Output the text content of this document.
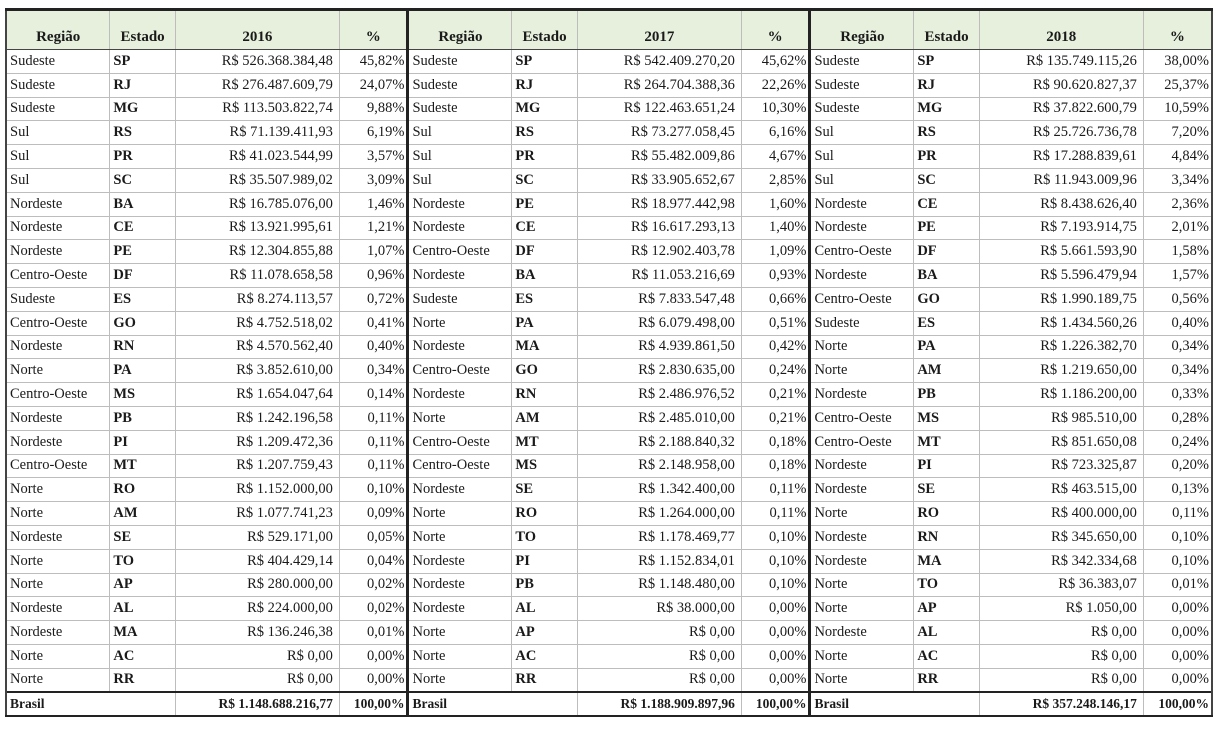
Região	Estado	2016	%	Região	Estado	2017	%	Região	Estado	2018	%
Sudeste	SP	R$ 526.368.384,48	45,82%	Sudeste	SP	R$ 542.409.270,20	45,62%	Sudeste	SP	R$ 135.749.115,26	38,00%
Sudeste	RJ	R$ 276.487.609,79	24,07%	Sudeste	RJ	R$ 264.704.388,36	22,26%	Sudeste	RJ	R$ 90.620.827,37	25,37%
Sudeste	MG	R$ 113.503.822,74	9,88%	Sudeste	MG	R$ 122.463.651,24	10,30%	Sudeste	MG	R$ 37.822.600,79	10,59%
Sul	RS	R$ 71.139.411,93	6,19%	Sul	RS	R$ 73.277.058,45	6,16%	Sul	RS	R$ 25.726.736,78	7,20%
Sul	PR	R$ 41.023.544,99	3,57%	Sul	PR	R$ 55.482.009,86	4,67%	Sul	PR	R$ 17.288.839,61	4,84%
Sul	SC	R$ 35.507.989,02	3,09%	Sul	SC	R$ 33.905.652,67	2,85%	Sul	SC	R$ 11.943.009,96	3,34%
Nordeste	BA	R$ 16.785.076,00	1,46%	Nordeste	PE	R$ 18.977.442,98	1,60%	Nordeste	CE	R$ 8.438.626,40	2,36%
Nordeste	CE	R$ 13.921.995,61	1,21%	Nordeste	CE	R$ 16.617.293,13	1,40%	Nordeste	PE	R$ 7.193.914,75	2,01%
Nordeste	PE	R$ 12.304.855,88	1,07%	Centro-Oeste	DF	R$ 12.902.403,78	1,09%	Centro-Oeste	DF	R$ 5.661.593,90	1,58%
Centro-Oeste	DF	R$ 11.078.658,58	0,96%	Nordeste	BA	R$ 11.053.216,69	0,93%	Nordeste	BA	R$ 5.596.479,94	1,57%
Sudeste	ES	R$ 8.274.113,57	0,72%	Sudeste	ES	R$ 7.833.547,48	0,66%	Centro-Oeste	GO	R$ 1.990.189,75	0,56%
Centro-Oeste	GO	R$ 4.752.518,02	0,41%	Norte	PA	R$ 6.079.498,00	0,51%	Sudeste	ES	R$ 1.434.560,26	0,40%
Nordeste	RN	R$ 4.570.562,40	0,40%	Nordeste	MA	R$ 4.939.861,50	0,42%	Norte	PA	R$ 1.226.382,70	0,34%
Norte	PA	R$ 3.852.610,00	0,34%	Centro-Oeste	GO	R$ 2.830.635,00	0,24%	Norte	AM	R$ 1.219.650,00	0,34%
Centro-Oeste	MS	R$ 1.654.047,64	0,14%	Nordeste	RN	R$ 2.486.976,52	0,21%	Nordeste	PB	R$ 1.186.200,00	0,33%
Nordeste	PB	R$ 1.242.196,58	0,11%	Norte	AM	R$ 2.485.010,00	0,21%	Centro-Oeste	MS	R$ 985.510,00	0,28%
Nordeste	PI	R$ 1.209.472,36	0,11%	Centro-Oeste	MT	R$ 2.188.840,32	0,18%	Centro-Oeste	MT	R$ 851.650,08	0,24%
Centro-Oeste	MT	R$ 1.207.759,43	0,11%	Centro-Oeste	MS	R$ 2.148.958,00	0,18%	Nordeste	PI	R$ 723.325,87	0,20%
Norte	RO	R$ 1.152.000,00	0,10%	Nordeste	SE	R$ 1.342.400,00	0,11%	Nordeste	SE	R$ 463.515,00	0,13%
Norte	AM	R$ 1.077.741,23	0,09%	Norte	RO	R$ 1.264.000,00	0,11%	Norte	RO	R$ 400.000,00	0,11%
Nordeste	SE	R$ 529.171,00	0,05%	Norte	TO	R$ 1.178.469,77	0,10%	Nordeste	RN	R$ 345.650,00	0,10%
Norte	TO	R$ 404.429,14	0,04%	Nordeste	PI	R$ 1.152.834,01	0,10%	Nordeste	MA	R$ 342.334,68	0,10%
Norte	AP	R$ 280.000,00	0,02%	Nordeste	PB	R$ 1.148.480,00	0,10%	Norte	TO	R$ 36.383,07	0,01%
Nordeste	AL	R$ 224.000,00	0,02%	Nordeste	AL	R$ 38.000,00	0,00%	Norte	AP	R$ 1.050,00	0,00%
Nordeste	MA	R$ 136.246,38	0,01%	Norte	AP	R$ 0,00	0,00%	Nordeste	AL	R$ 0,00	0,00%
Norte	AC	R$ 0,00	0,00%	Norte	AC	R$ 0,00	0,00%	Norte	AC	R$ 0,00	0,00%
Norte	RR	R$ 0,00	0,00%	Norte	RR	R$ 0,00	0,00%	Norte	RR	R$ 0,00	0,00%
Brasil		R$ 1.148.688.216,77	100,00%	Brasil		R$ 1.188.909.897,96	100,00%	Brasil		R$ 357.248.146,17	100,00%
